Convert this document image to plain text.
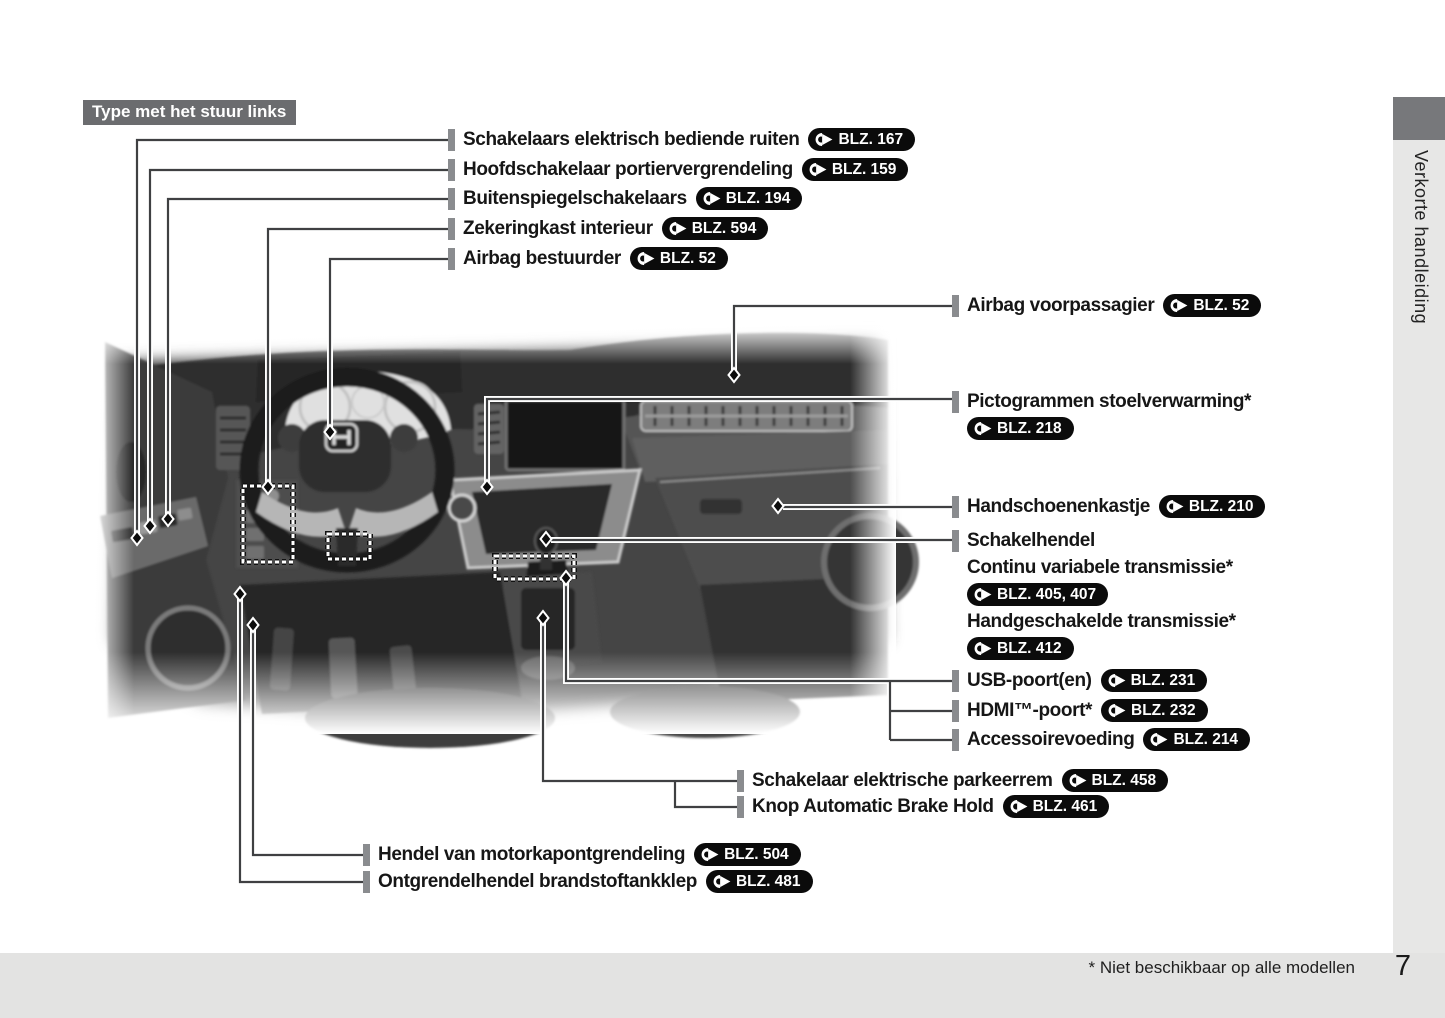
Type met het stuur links
Verkorte handleiding
* Niet beschikbaar op alle modellen	7
Schakelaars elektrisch bediende ruiten	BLZ. 167
Hoofdschakelaar portiervergrendeling	BLZ. 159
Buitenspiegelschakelaars	BLZ. 194
Zekeringkast interieur	BLZ. 594
Airbag bestuurder	BLZ. 52
Airbag voorpassagier	BLZ. 52
Pictogrammen stoelverwarming*
BLZ. 218
Handschoenenkastje	BLZ. 210
Schakelhendel
Continu variabele transmissie*
BLZ. 405, 407
Handgeschakelde transmissie*
BLZ. 412
USB-poort(en)	BLZ. 231
HDMI™-poort*	BLZ. 232
Accessoirevoeding	BLZ. 214
Schakelaar elektrische parkeerrem	BLZ. 458
Knop Automatic Brake Hold	BLZ. 461
Hendel van motorkapontgrendeling	BLZ. 504
Ontgrendelhendel brandstoftankklep	BLZ. 481
